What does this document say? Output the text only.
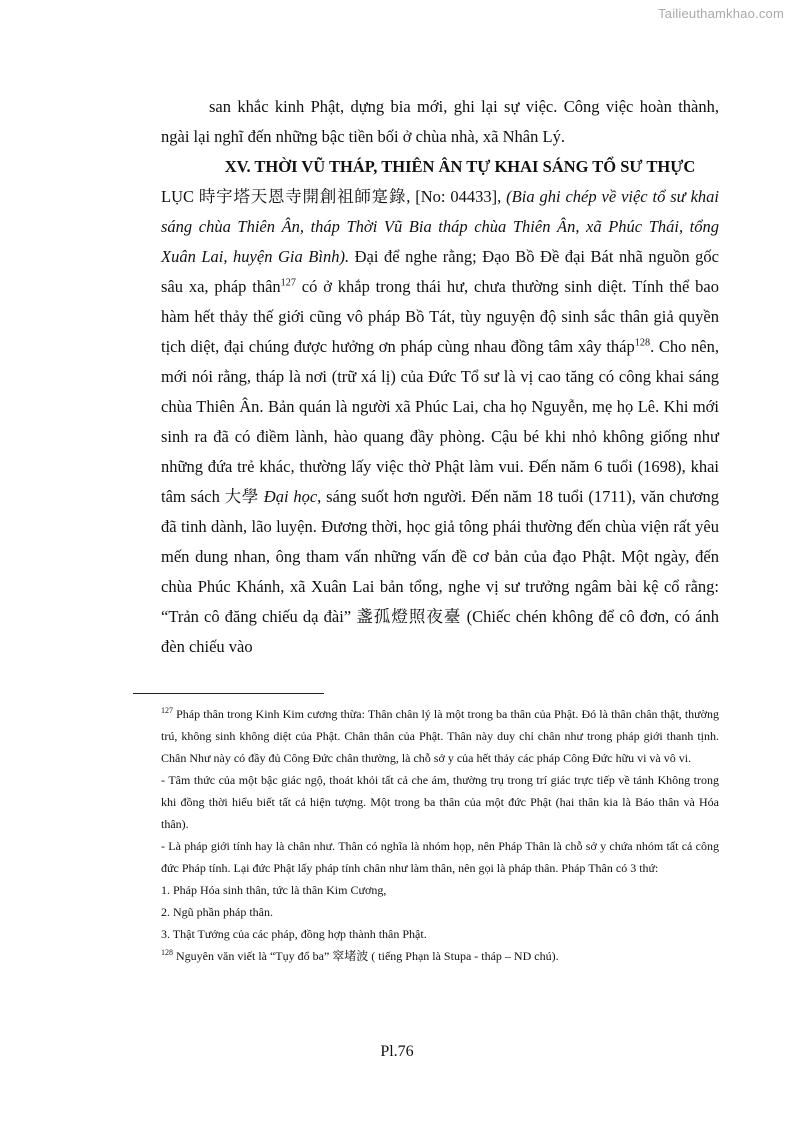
Tailieuthamkhao.com

san khắc kinh Phật, dựng bia mới, ghi lại sự việc. Công việc hoàn thành, ngài lại nghĩ đến những bậc tiền bối ở chùa nhà, xã Nhân Lý.

XV. THỜI VŨ THÁP, THIÊN ÂN TỰ KHAI SÁNG TỔ SƯ THỰC

LỤC 時宇塔天恩寺開創祖師寔錄, [No: 04433], (Bia ghi chép về việc tổ sư khai sáng chùa Thiên Ân, tháp Thời Vũ Bia tháp chùa Thiên Ân, xã Phúc Thái, tổng Xuân Lai, huyện Gia Bình). Đại để nghe rằng; Đạo Bồ Đề đại Bát nhã nguồn gốc sâu xa, pháp thân$^{127}$ có ở khắp trong thái hư, chưa thường sinh diệt. Tính thể bao hàm hết thảy thế giới cũng vô pháp Bồ Tát, tùy nguyện độ sinh sắc thân giả quyền tịch diệt, đại chúng được hưởng ơn pháp cùng nhau đồng tâm xây tháp$^{128}$. Cho nên, mới nói rằng, tháp là nơi (trữ xá lị) của Đức Tổ sư là vị cao tăng có công khai sáng chùa Thiên Ân. Bản quán là người xã Phúc Lai, cha họ Nguyễn, mẹ họ Lê. Khi mới sinh ra đã có điềm lành, hào quang đầy phòng. Cậu bé khi nhỏ không giống như những đứa trẻ khác, thường lấy việc thờ Phật làm vui. Đến năm 6 tuổi (1698), khai tâm sách 大學 Đại học, sáng suốt hơn người. Đến năm 18 tuổi (1711), văn chương đã tinh dành, lão luyện. Đương thời, học giả tông phái thường đến chùa viện rất yêu mến dung nhan, ông tham vấn những vấn đề cơ bản của đạo Phật. Một ngày, đến chùa Phúc Khánh, xã Xuân Lai bản tổng, nghe vị sư trưởng ngâm bài kệ cổ rằng: “Trản cô đăng chiếu dạ đài” 盞孤燈照夜臺 (Chiếc chén không để cô đơn, có ánh đèn chiếu vào

$^{127}$ Pháp thân trong Kinh Kim cương thừa: Thân chân lý là một trong ba thân của Phật. Đó là thân chân thật, thường trú, không sinh không diệt của Phật. Chân thân của Phật. Thân này duy chỉ chân như trong pháp giới thanh tịnh. Chân Như này có đầy đủ Công Đức chân thường, là chỗ sở y của hết thảy các pháp Công Đức hữu vi và vô vi.

- Tâm thức của một bậc giác ngộ, thoát khỏi tất cả che ám, thường trụ trong trí giác trực tiếp về tánh Không trong khi đồng thời hiểu biết tất cả hiện tượng. Một trong ba thân của một đức Phật (hai thân kia là Báo thân và Hóa thân).

- Là pháp giới tính hay là chân như. Thân có nghĩa là nhóm họp, nên Pháp Thân là chỗ sở y chứa nhóm tất cả công đức Pháp tính. Lại đức Phật lấy pháp tính chân như làm thân, nên gọi là pháp thân. Pháp Thân có 3 thứ:

1. Pháp Hóa sinh thân, tức là thân Kim Cương,

2. Ngũ phần pháp thân.

3. Thật Tướng của các pháp, đồng hợp thành thân Phật.

$^{128}$ Nguyên văn viết là “Tụy đổ ba” 窣堵波 ( tiếng Phạn là Stupa - tháp – ND chú).

Pl.76
